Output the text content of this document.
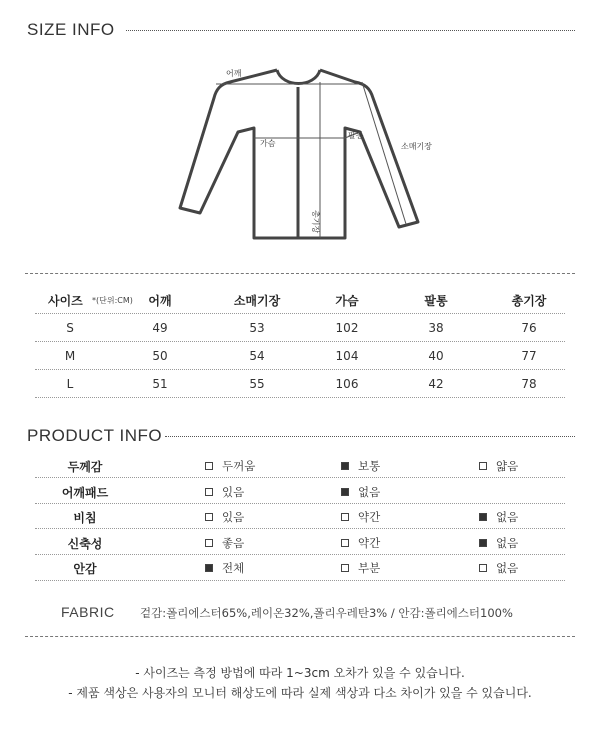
SIZE INFO
어깨
가슴
팔통
소매기장
총기장
사이즈 *(단위:CM)	어깨	소매기장	가슴	팔통	총기장
S	49	53	102	38	76
M	50	54	104	40	77
L	51	55	106	42	78
PRODUCT INFO
두께감	두꺼움	보통	얇음
어깨패드	있음	없음
비침	있음	약간	없음
신축성	좋음	약간	없음
안감	전체	부분	없음
FABRIC 겉감:폴리에스터65%,레이온32%,폴리우레탄3% / 안감:폴리에스터100%
- 사이즈는 측정 방법에 따라 1~3cm 오차가 있을 수 있습니다.
- 제품 색상은 사용자의 모니터 해상도에 따라 실제 색상과 다소 차이가 있을 수 있습니다.
